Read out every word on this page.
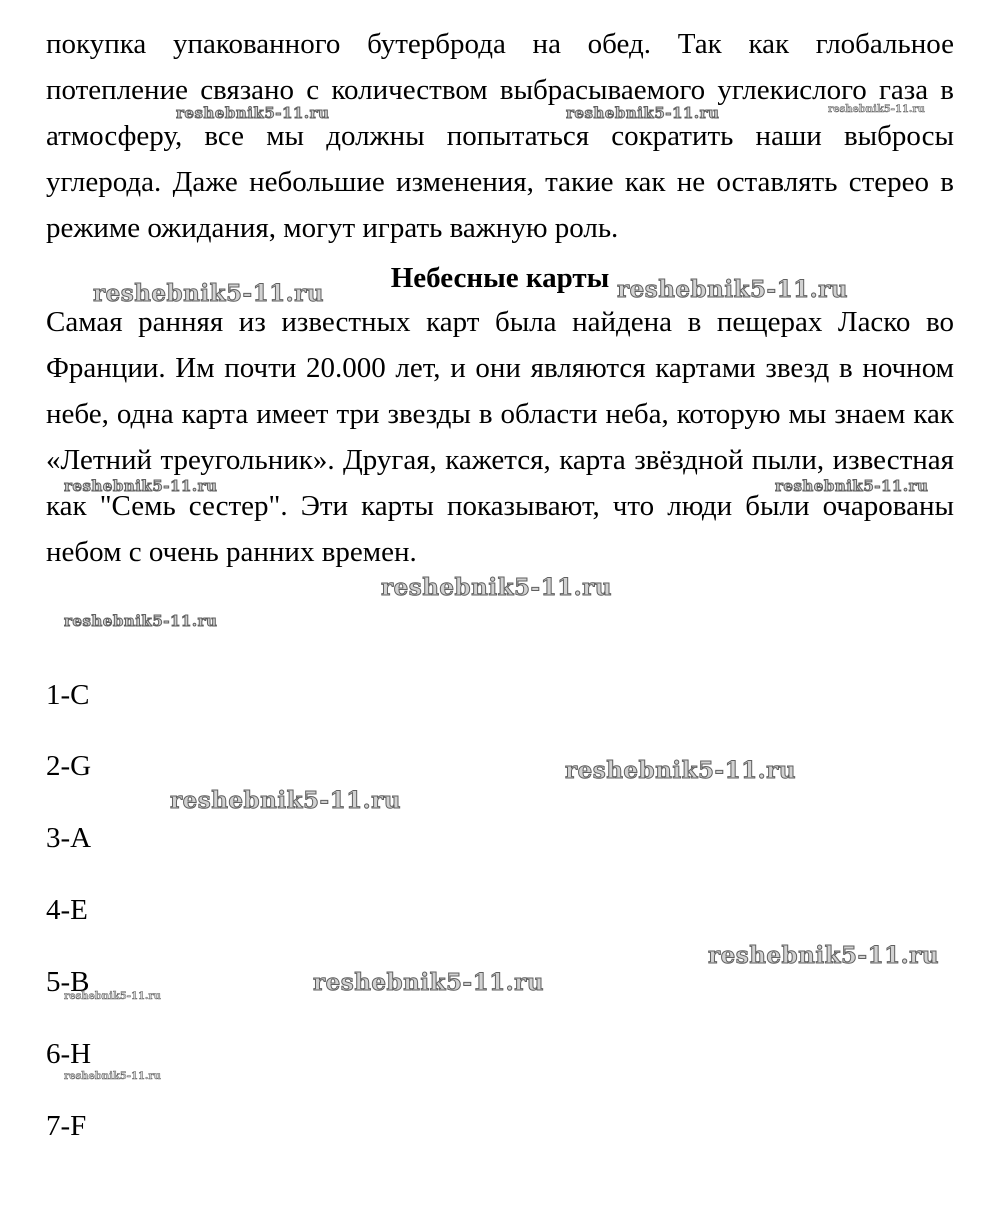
покупка упакованного бутерброда на обед. Так как глобальное потепление связано с количеством выбрасываемого углекислого газа в атмосферу, все мы должны попытаться сократить наши выбросы углерода. Даже небольшие изменения, такие как не оставлять стерео в режиме ожидания, могут играть важную роль.

Небесные карты

Самая ранняя из известных карт была найдена в пещерах Ласко во Франции. Им почти 20.000 лет, и они являются картами звезд в ночном небе, одна карта имеет три звезды в области неба, которую мы знаем как «Летний треугольник». Другая, кажется, карта звёздной пыли, известная как "Семь сестер". Эти карты показывают, что люди были очарованы небом с очень ранних времен.

1-C

2-G

3-A

4-E

5-B

6-H

7-F

reshebnik5-11.ru	reshebnik5-11.ru	reshebnik5-11.ru
reshebnik5-11.ru	reshebnik5-11.ru
reshebnik5-11.ru	reshebnik5-11.ru
reshebnik5-11.ru
reshebnik5-11.ru
reshebnik5-11.ru
reshebnik5-11.ru
reshebnik5-11.ru
reshebnik5-11.ru
reshebnik5-11.ru
reshebnik5-11.ru
